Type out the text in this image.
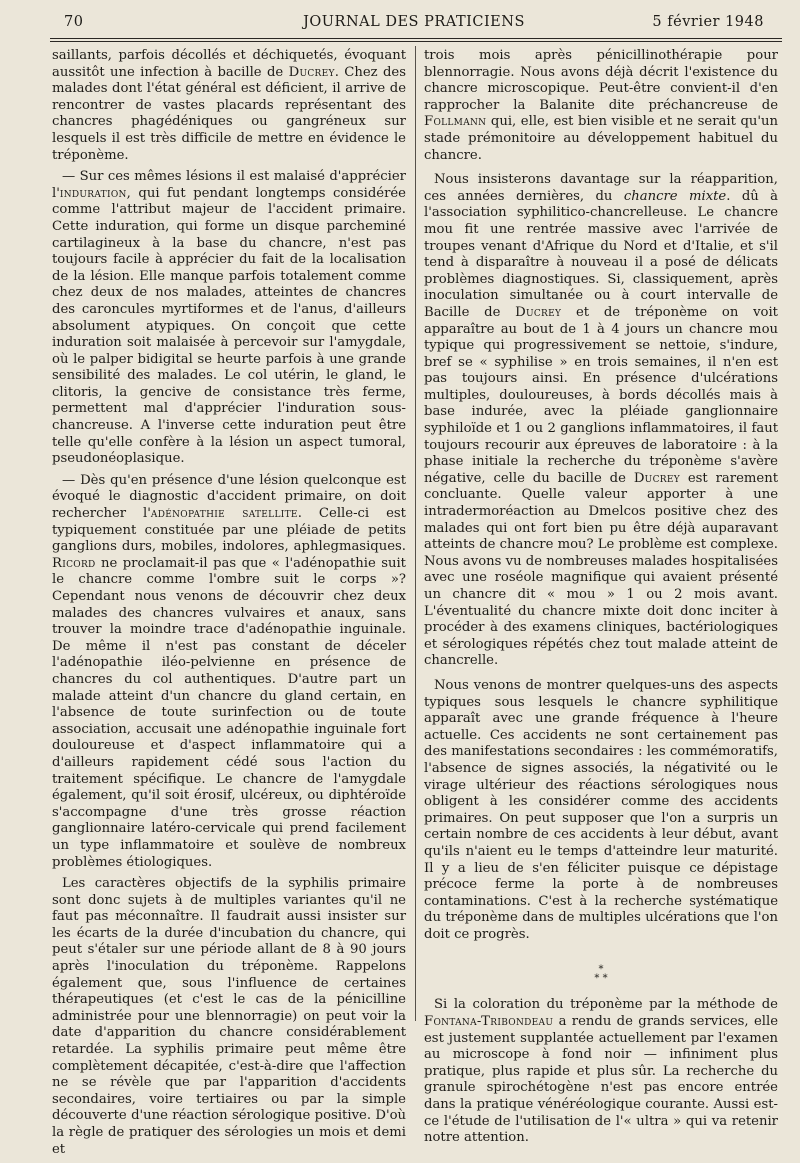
70	JOURNAL DES PRATICIENS	5 février 1948

saillants, parfois décollés et déchiquetés, évoquant aussitôt une infection à bacille de Ducrey. Chez des malades dont l'état général est déficient, il arrive de rencontrer de vastes placards représentant des chancres phagédéniques ou gangréneux sur lesquels il est très difficile de mettre en évidence le tréponème.

— Sur ces mêmes lésions il est malaisé d'apprécier l'induration, qui fut pendant longtemps considérée comme l'attribut majeur de l'accident primaire. Cette induration, qui forme un disque parcheminé cartilagineux à la base du chancre, n'est pas toujours facile à apprécier du fait de la localisation de la lésion. Elle manque parfois totalement comme chez deux de nos malades, atteintes de chancres des caroncules myrtiformes et de l'anus, d'ailleurs absolument atypiques. On conçoit que cette induration soit malaisée à percevoir sur l'amygdale, où le palper bidigital se heurte parfois à une grande sensibilité des malades. Le col utérin, le gland, le clitoris, la gencive de consistance très ferme, permettent mal d'apprécier l'induration sous-chancreuse. A l'inverse cette induration peut être telle qu'elle confère à la lésion un aspect tumoral, pseudonéoplasique.

— Dès qu'en présence d'une lésion quelconque est évoqué le diagnostic d'accident primaire, on doit rechercher l'adénopathie satellite. Celle-ci est typiquement constituée par une pléiade de petits ganglions durs, mobiles, indolores, aphlegmasiques. Ricord ne proclamait-il pas que « l'adénopathie suit le chancre comme l'ombre suit le corps »? Cependant nous venons de découvrir chez deux malades des chancres vulvaires et anaux, sans trouver la moindre trace d'adénopathie inguinale. De même il n'est pas constant de déceler l'adénopathie iléo-pelvienne en présence de chancres du col authentiques. D'autre part un malade atteint d'un chancre du gland certain, en l'absence de toute surinfection ou de toute association, accusait une adénopathie inguinale fort douloureuse et d'aspect inflammatoire qui a d'ailleurs rapidement cédé sous l'action du traitement spécifique. Le chancre de l'amygdale également, qu'il soit érosif, ulcéreux, ou diphtéroïde s'accompagne d'une très grosse réaction ganglionnaire latéro-cervicale qui prend facilement un type inflammatoire et soulève de nombreux problèmes étiologiques.

Les caractères objectifs de la syphilis primaire sont donc sujets à de multiples variantes qu'il ne faut pas méconnaître. Il faudrait aussi insister sur les écarts de la durée d'incubation du chancre, qui peut s'étaler sur une période allant de 8 à 90 jours après l'inoculation du tréponème. Rappelons également que, sous l'influence de certaines thérapeutiques (et c'est le cas de la pénicilline administrée pour une blennorragie) on peut voir la date d'apparition du chancre considérablement retardée. La syphilis primaire peut même être complètement décapitée, c'est-à-dire que l'affection ne se révèle que par l'apparition d'accidents secondaires, voire tertiaires ou par la simple découverte d'une réaction sérologique positive. D'où la règle de pratiquer des sérologies un mois et demi et

trois mois après pénicillinothérapie pour blennorragie. Nous avons déjà décrit l'existence du chancre microscopique. Peut-être convient-il d'en rapprocher la Balanite dite préchancreuse de Follmann qui, elle, est bien visible et ne serait qu'un stade prémonitoire au développement habituel du chancre.

Nous insisterons davantage sur la réapparition, ces années dernières, du chancre mixte. dû à l'association syphilitico-chancrelleuse. Le chancre mou fit une rentrée massive avec l'arrivée de troupes venant d'Afrique du Nord et d'Italie, et s'il tend à disparaître à nouveau il a posé de délicats problèmes diagnostiques. Si, classiquement, après inoculation simultanée ou à court intervalle de Bacille de Ducrey et de tréponème on voit apparaître au bout de 1 à 4 jours un chancre mou typique qui progressivement se nettoie, s'indure, bref se « syphilise » en trois semaines, il n'en est pas toujours ainsi. En présence d'ulcérations multiples, douloureuses, à bords décollés mais à base indurée, avec la pléiade ganglionnaire syphiloïde et 1 ou 2 ganglions inflammatoires, il faut toujours recourir aux épreuves de laboratoire : à la phase initiale la recherche du tréponème s'avère négative, celle du bacille de Ducrey est rarement concluante. Quelle valeur apporter à une intradermoréaction au Dmelcos positive chez des malades qui ont fort bien pu être déjà auparavant atteints de chancre mou? Le problème est complexe. Nous avons vu de nombreuses malades hospitalisées avec une roséole magnifique qui avaient présenté un chancre dit « mou » 1 ou 2 mois avant. L'éventualité du chancre mixte doit donc inciter à procéder à des examens cliniques, bactériologiques et sérologiques répétés chez tout malade atteint de chancrelle.

Nous venons de montrer quelques-uns des aspects typiques sous lesquels le chancre syphilitique apparaît avec une grande fréquence à l'heure actuelle. Ces accidents ne sont certainement pas des manifestations secondaires : les commémoratifs, l'absence de signes associés, la négativité ou le virage ultérieur des réactions sérologiques nous obligent à les considérer comme des accidents primaires. On peut supposer que l'on a surpris un certain nombre de ces accidents à leur début, avant qu'ils n'aient eu le temps d'atteindre leur maturité. Il y a lieu de s'en féliciter puisque ce dépistage précoce ferme la porte à de nombreuses contaminations. C'est à la recherche systématique du tréponème dans de multiples ulcérations que l'on doit ce progrès.

*
* *

Si la coloration du tréponème par la méthode de Fontana-Tribondeau a rendu de grands services, elle est justement supplantée actuellement par l'examen au microscope à fond noir — infiniment plus pratique, plus rapide et plus sûr. La recherche du granule spirochétogène n'est pas encore entrée dans la pratique vénéréologique courante. Aussi est-ce l'étude de l'utilisation de l'« ultra » qui va retenir notre attention.
